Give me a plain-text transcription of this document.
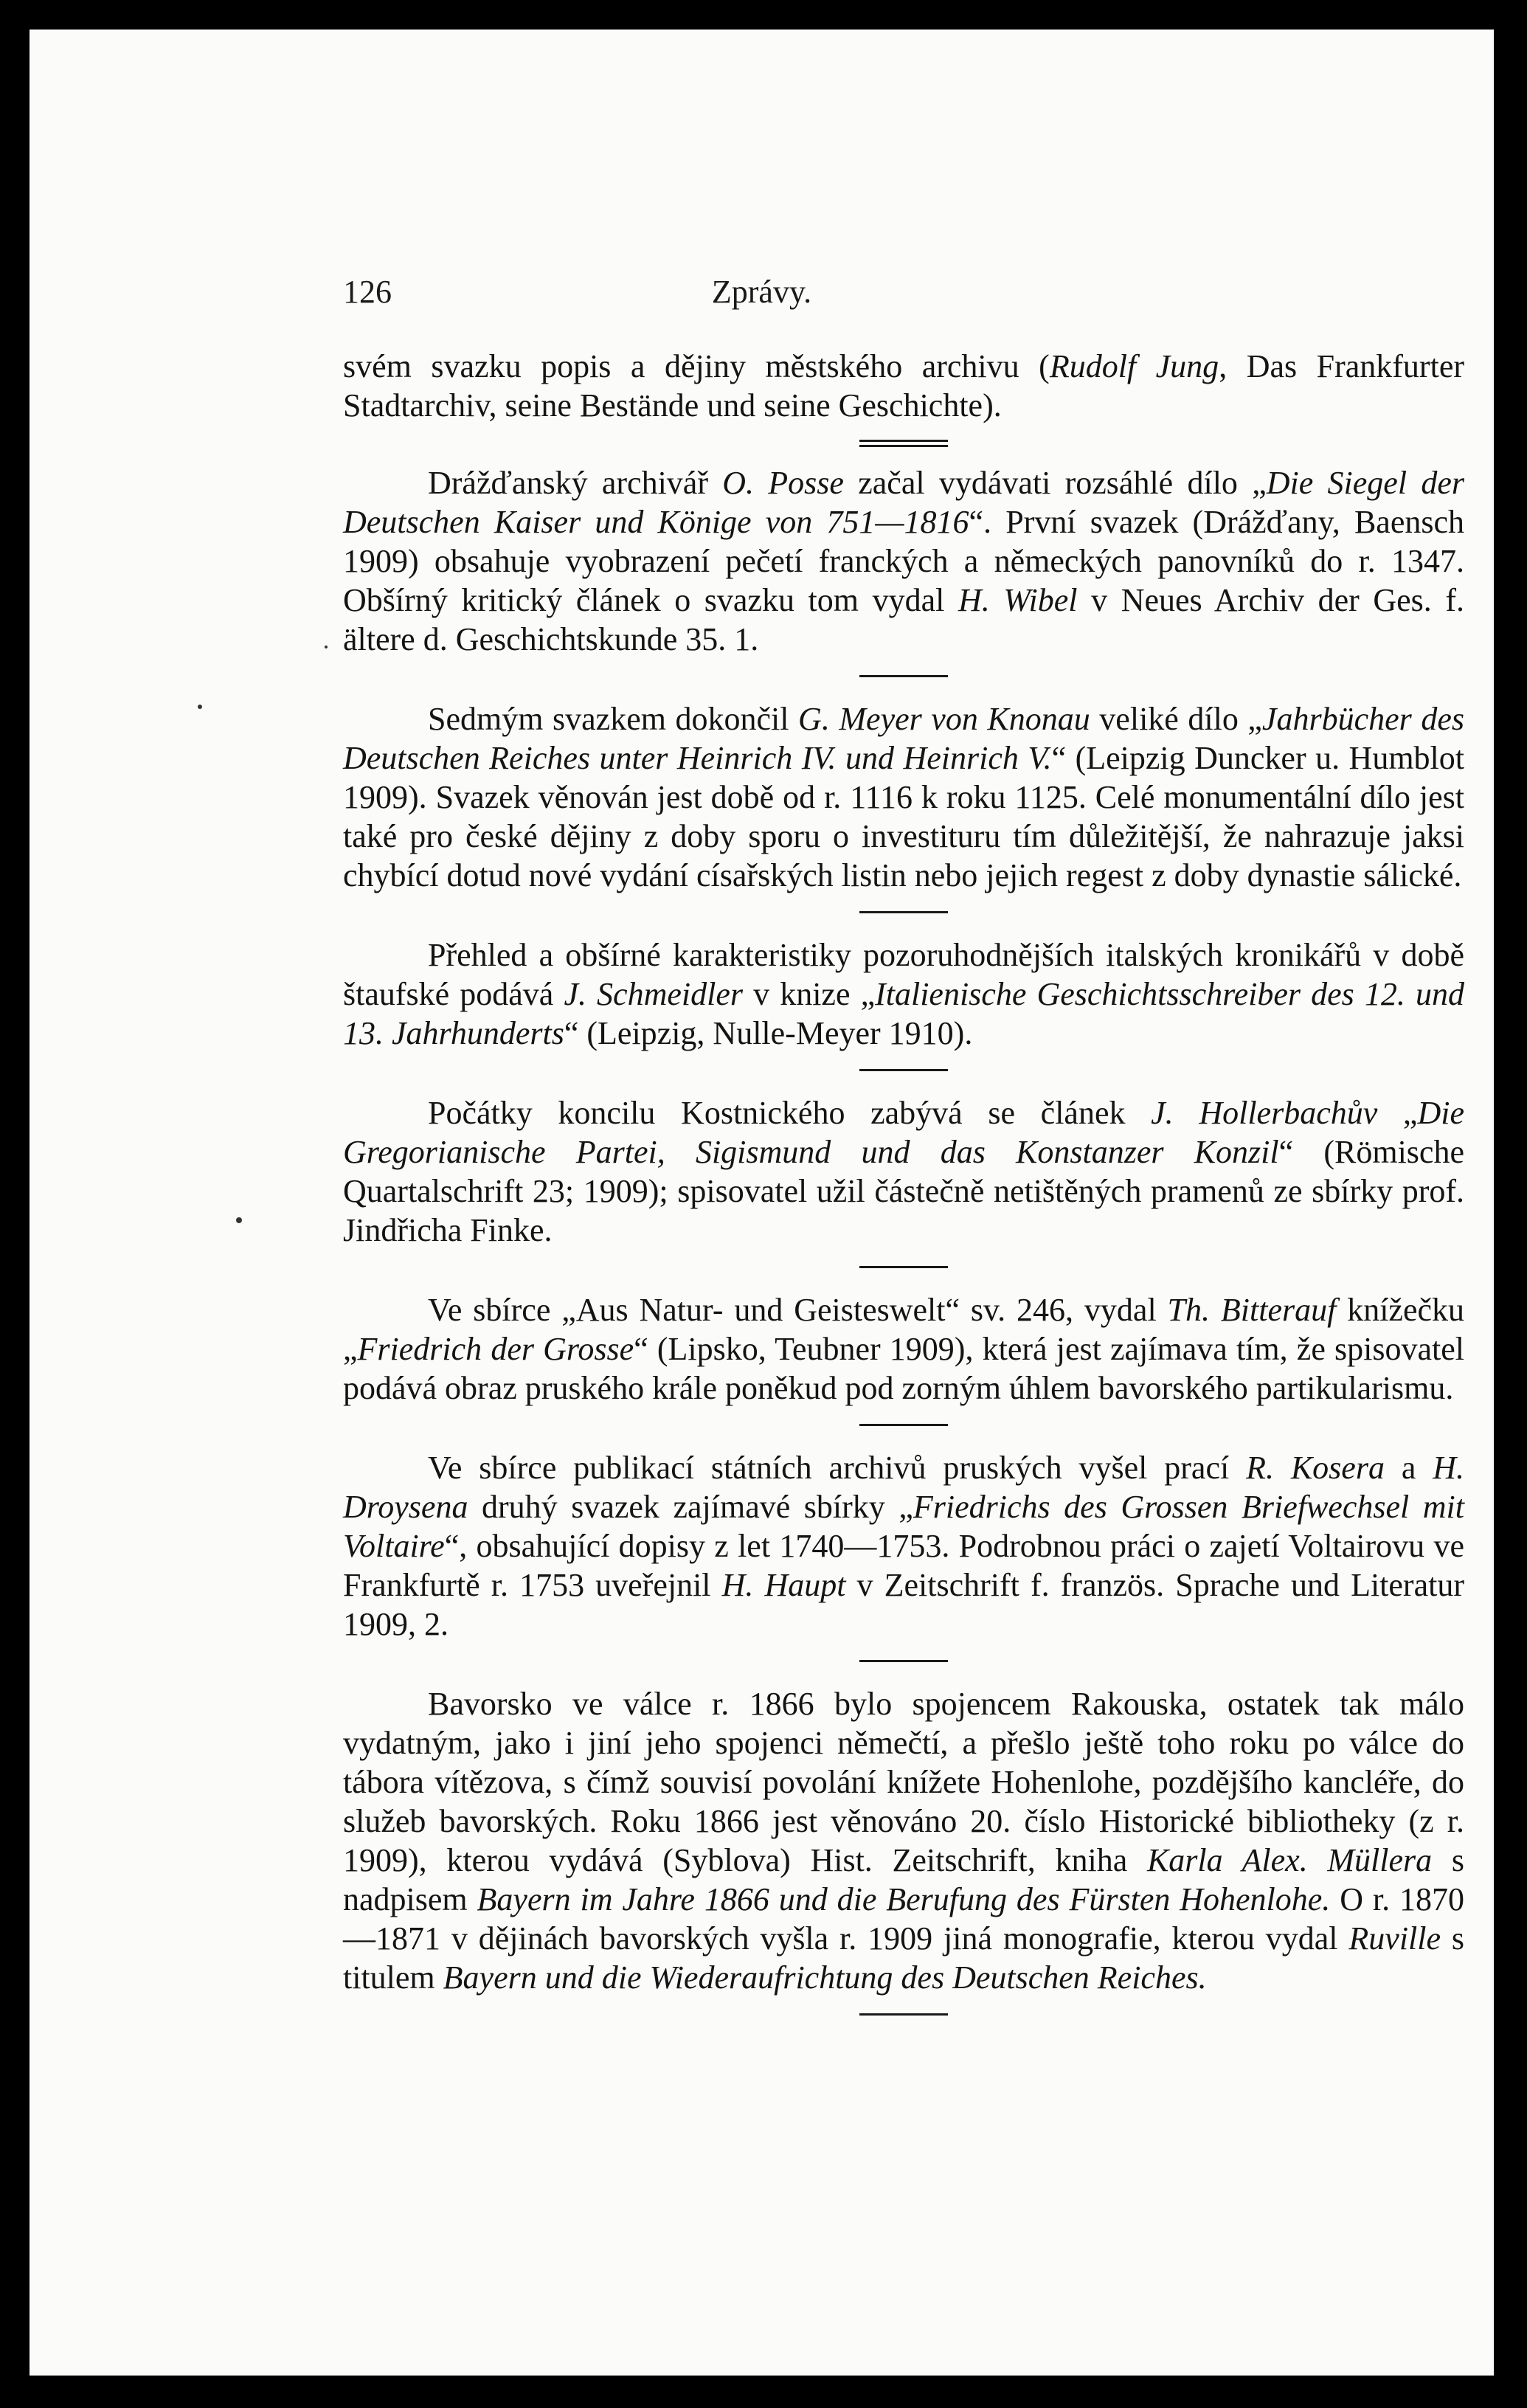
126	Zprávy.

svém svazku popis a dějiny městského archivu (Rudolf Jung, Das Frankfurter Stadtarchiv, seine Bestände und seine Geschichte).

Drážďanský archivář O. Posse začal vydávati rozsáhlé dílo „Die Siegel der Deutschen Kaiser und Könige von 751—1816“. První svazek (Drážďany, Baensch 1909) obsahuje vyobrazení pečetí franckých a německých panovníků do r. 1347. Obšírný kritický článek o svazku tom vydal H. Wibel v Neues Archiv der Ges. f. ältere d. Geschichtskunde 35. 1.

Sedmým svazkem dokončil G. Meyer von Knonau veliké dílo „Jahrbücher des Deutschen Reiches unter Heinrich IV. und Heinrich V.“ (Leipzig Duncker u. Humblot 1909). Svazek věnován jest době od r. 1116 k roku 1125. Celé monumentální dílo jest také pro české dějiny z doby sporu o investituru tím důležitější, že nahrazuje jaksi chybící dotud nové vydání císařských listin nebo jejich regest z doby dynastie sálické.

Přehled a obšírné karakteristiky pozoruhodnějších italských kronikářů v době štaufské podává J. Schmeidler v knize „Italienische Geschichtsschreiber des 12. und 13. Jahrhunderts“ (Leipzig, Nulle-Meyer 1910).

Počátky koncilu Kostnického zabývá se článek J. Hollerbachův „Die Gregorianische Partei, Sigismund und das Konstanzer Konzil“ (Römische Quartalschrift 23; 1909); spisovatel užil částečně netištěných pramenů ze sbírky prof. Jindřicha Finke.

Ve sbírce „Aus Natur- und Geisteswelt“ sv. 246, vydal Th. Bitterauf knížečku „Friedrich der Grosse“ (Lipsko, Teubner 1909), která jest zajímava tím, že spisovatel podává obraz pruského krále poněkud pod zorným úhlem bavorského partikularismu.

Ve sbírce publikací státních archivů pruských vyšel prací R. Kosera a H. Droysena druhý svazek zajímavé sbírky „Friedrichs des Grossen Briefwechsel mit Voltaire“, obsahující dopisy z let 1740—1753. Podrobnou práci o zajetí Voltairovu ve Frankfurtě r. 1753 uveřejnil H. Haupt v Zeitschrift f. französ. Sprache und Literatur 1909, 2.

Bavorsko ve válce r. 1866 bylo spojencem Rakouska, ostatek tak málo vydatným, jako i jiní jeho spojenci němečtí, a přešlo ještě toho roku po válce do tábora vítězova, s čímž souvisí povolání knížete Hohenlohe, pozdějšího kancléře, do služeb bavorských. Roku 1866 jest věnováno 20. číslo Historické bibliotheky (z r. 1909), kterou vydává (Syblova) Hist. Zeitschrift, kniha Karla Alex. Müllera s nadpisem Bayern im Jahre 1866 und die Berufung des Fürsten Hohenlohe. O r. 1870—1871 v dějinách bavorských vyšla r. 1909 jiná monografie, kterou vydal Ruville s titulem Bayern und die Wiederaufrichtung des Deutschen Reiches.
